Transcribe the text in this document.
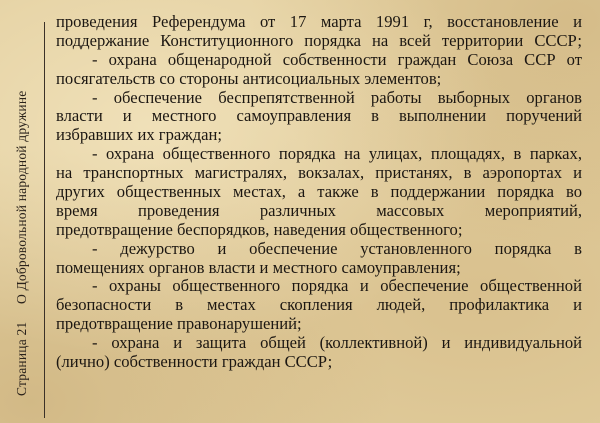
Страница 21 О Добровольной народной дружине
проведения Референдума от 17 марта 1991 г, восстановление и
поддержание Конституционного порядка на всей территории СССР;
- охрана общенародной собственности граждан Союза ССР от
посягательств со стороны антисоциальных элементов;
- обеспечение беспрепятственной работы выборных органов
власти и местного самоуправления в выполнении поручений
избравших их граждан;
- охрана общественного порядка на улицах, площадях, в парках,
на транспортных магистралях, вокзалах, пристанях, в аэропортах и
других общественных местах, а также в поддержании порядка во
время проведения различных массовых мероприятий,
предотвращение беспорядков, наведения общественного;
- дежурство и обеспечение установленного порядка в
помещениях органов власти и местного самоуправления;
- охраны общественного порядка и обеспечение общественной
безопасности в местах скопления людей, профилактика и
предотвращение правонарушений;
- охрана и защита общей (коллективной) и индивидуальной
(лично) собственности граждан СССР;
